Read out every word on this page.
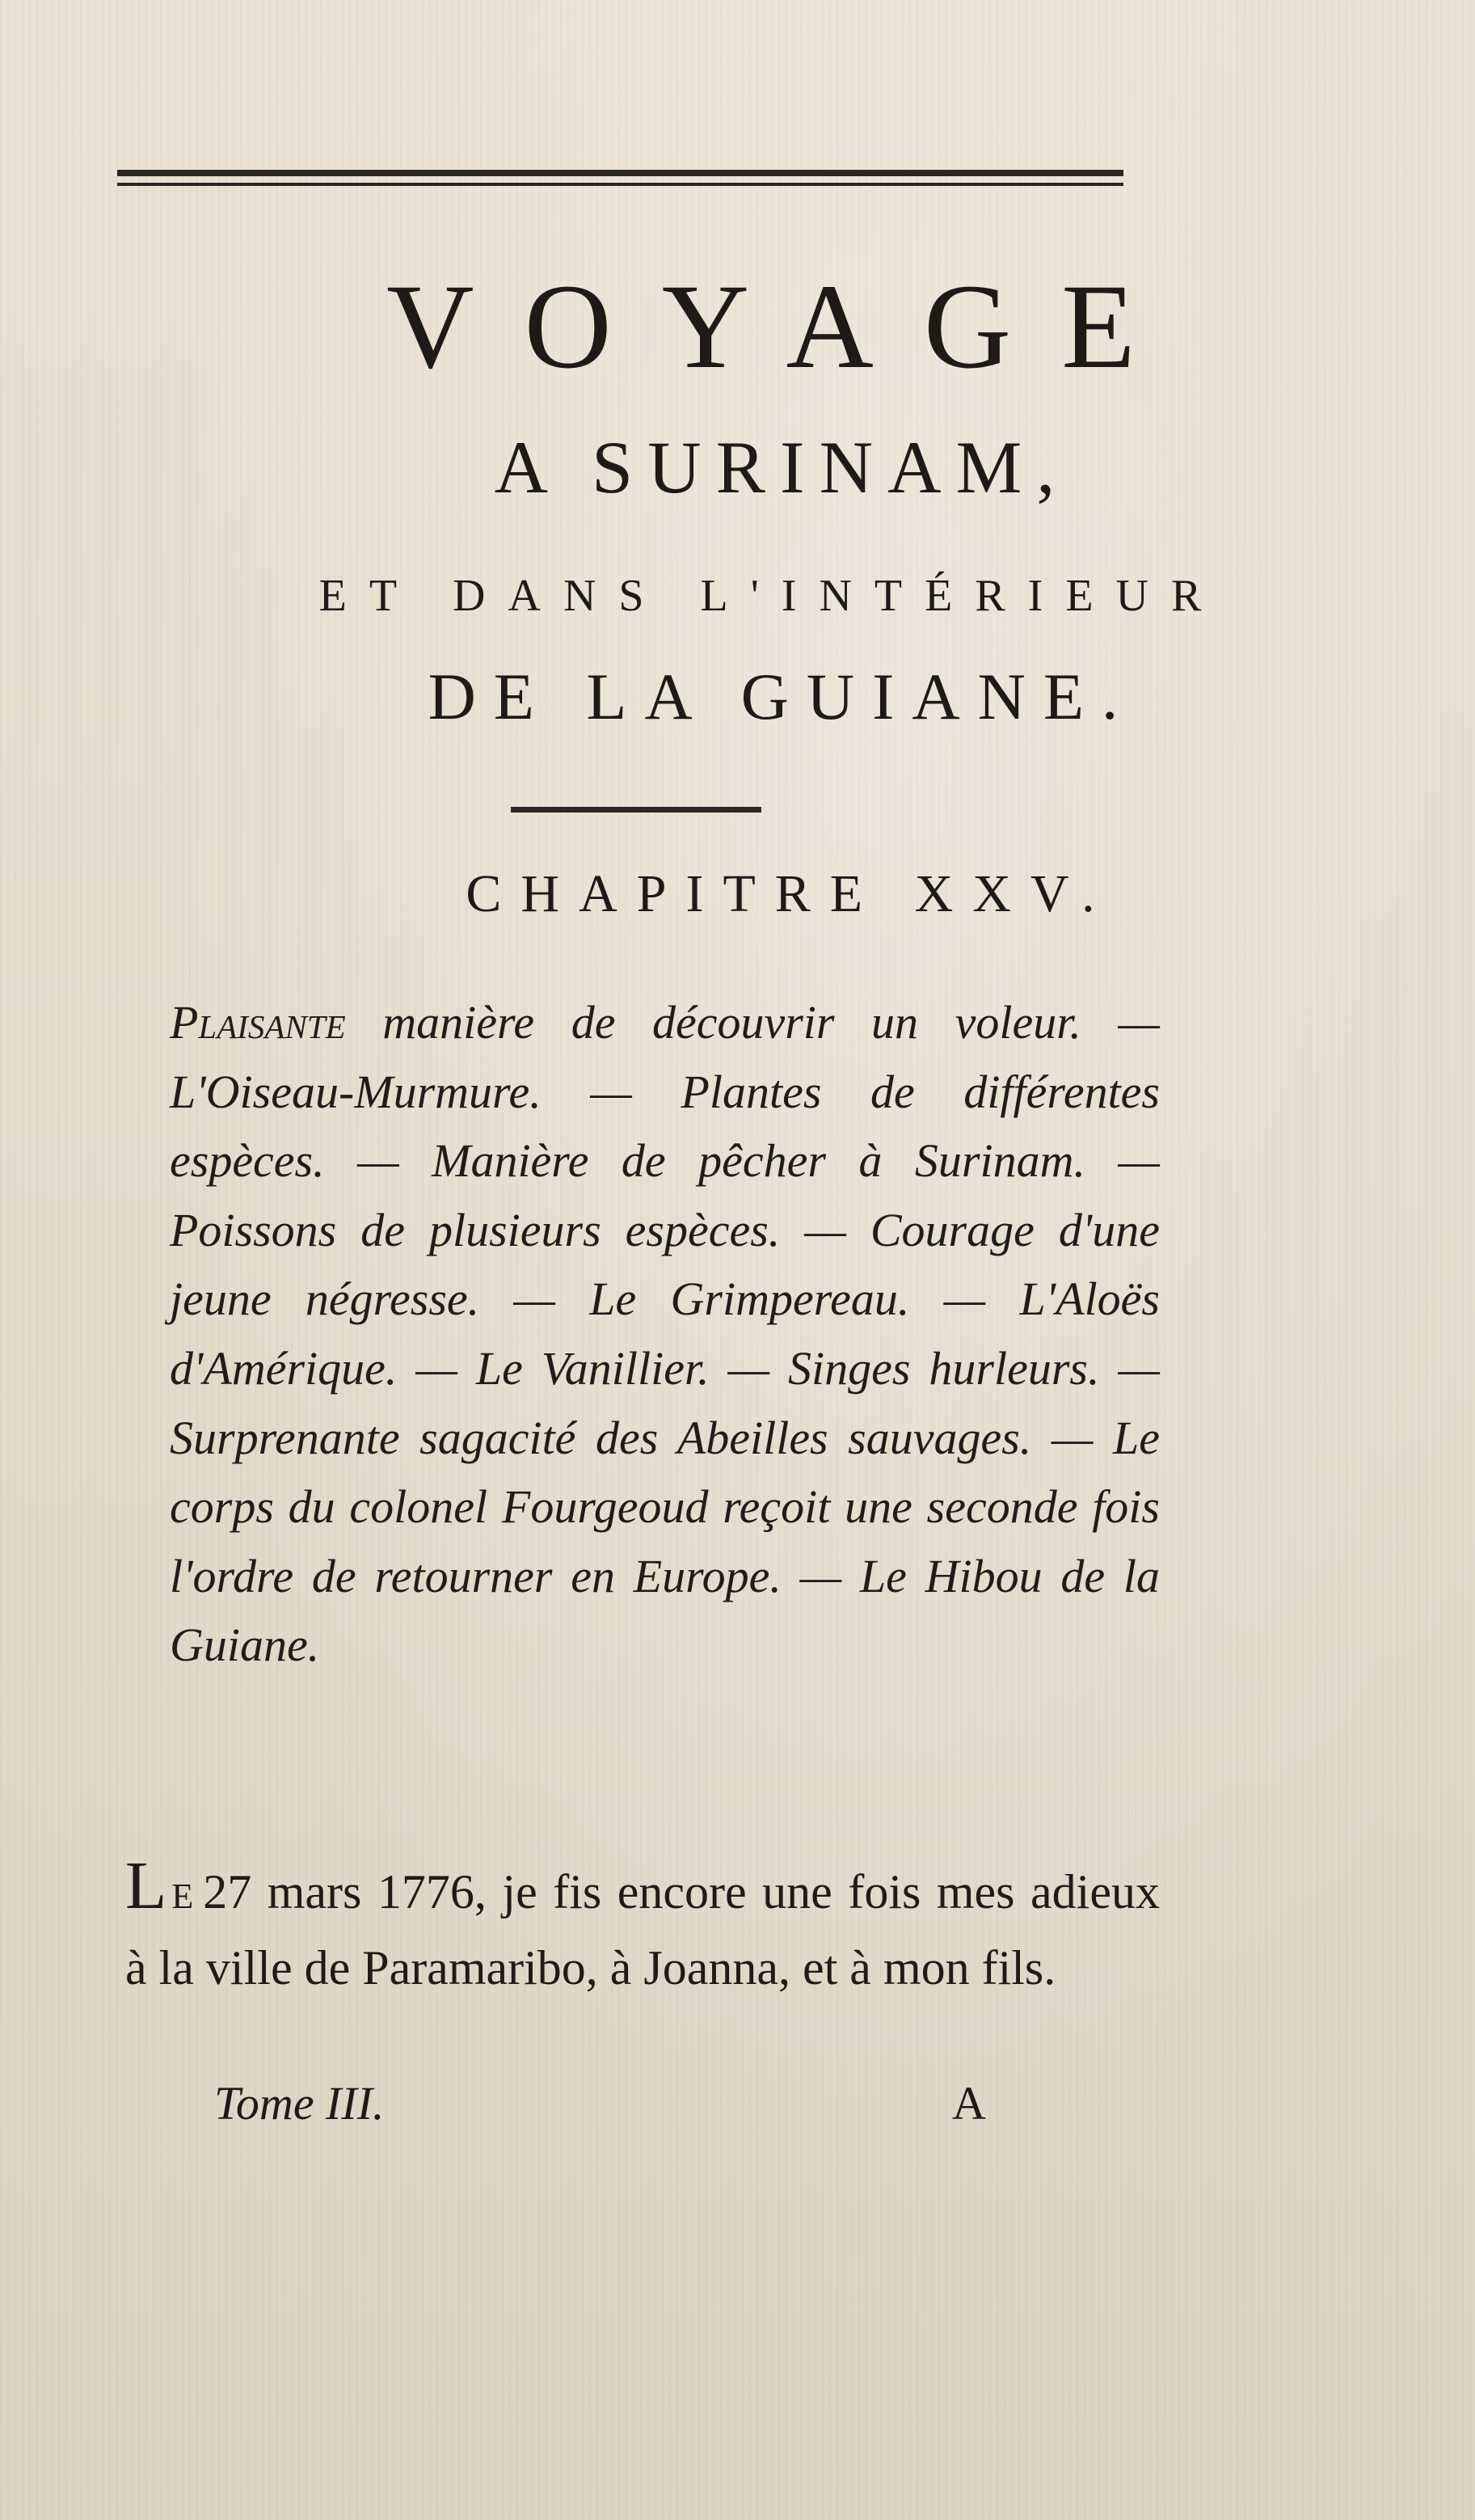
VOYAGE
A SURINAM,
ET DANS L'INTÉRIEUR
DE LA GUIANE.
CHAPITRE XXV.
Plaisante manière de découvrir un voleur. — L'Oiseau-Murmure. — Plantes de différentes espèces. — Manière de pêcher à Surinam. — Poissons de plusieurs espèces. — Courage d'une jeune négresse. — Le Grimpereau. — L'Aloës d'Amérique. — Le Vanillier. — Singes hurleurs. — Surprenante sagacité des Abeilles sauvages. — Le corps du colonel Fourgeoud reçoit une seconde fois l'ordre de retourner en Europe. — Le Hibou de la Guiane.
L E 27 mars 1776, je fis encore une fois mes adieux à la ville de Paramaribo, à Joanna, et à mon fils.
Tome III.	A
